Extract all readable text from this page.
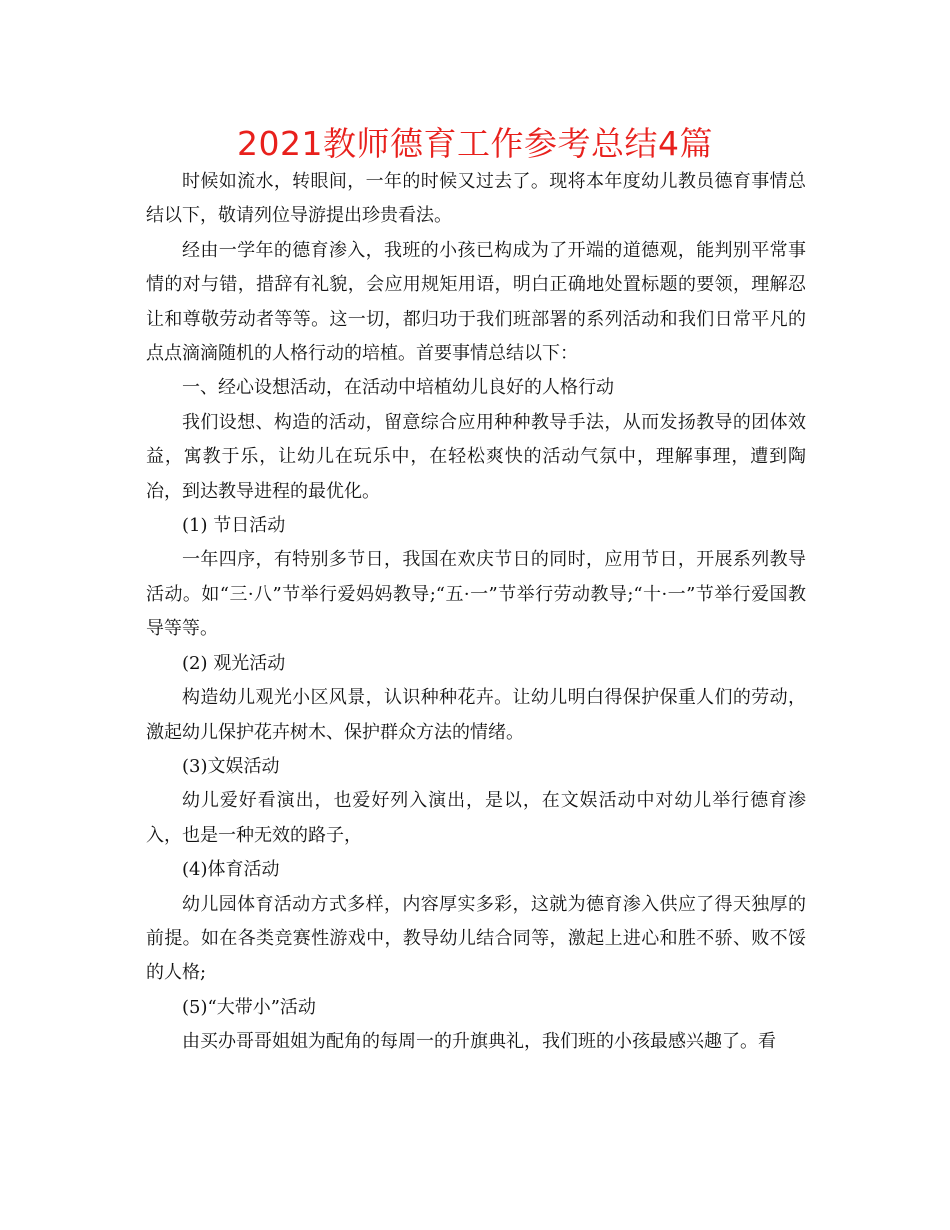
2021教师德育工作参考总结4篇

时候如流水，转眼间，一年的时候又过去了。现将本年度幼儿教员德育事情总结以下，敬请列位导游提出珍贵看法。

经由一学年的德育渗入，我班的小孩已构成为了开端的道德观，能判别平常事情的对与错，措辞有礼貌，会应用规矩用语，明白正确地处置标题的要领，理解忍让和尊敬劳动者等等。这一切，都归功于我们班部署的系列活动和我们日常平凡的点点滴滴随机的人格行动的培植。首要事情总结以下：

一、经心设想活动，在活动中培植幼儿良好的人格行动

我们设想、构造的活动，留意综合应用种种教导手法，从而发扬教导的团体效益，寓教于乐，让幼儿在玩乐中，在轻松爽快的活动气氛中，理解事理，遭到陶冶，到达教导进程的最优化。

(1) 节日活动

一年四序，有特别多节日，我国在欢庆节日的同时，应用节日，开展系列教导活动。如“三·八”节举行爱妈妈教导;“五·一”节举行劳动教导;“十·一”节举行爱国教导等等。

(2) 观光活动

构造幼儿观光小区风景，认识种种花卉。让幼儿明白得保护保重人们的劳动，激起幼儿保护花卉树木、保护群众方法的情绪。

(3)文娱活动

幼儿爱好看演出，也爱好列入演出，是以，在文娱活动中对幼儿举行德育渗入，也是一种无效的路子，

(4)体育活动

幼儿园体育活动方式多样，内容厚实多彩，这就为德育渗入供应了得天独厚的前提。如在各类竞赛性游戏中，教导幼儿结合同等，激起上进心和胜不骄、败不馁的人格;

(5)“大带小”活动

由买办哥哥姐姐为配角的每周一的升旗典礼，我们班的小孩最感兴趣了。看
